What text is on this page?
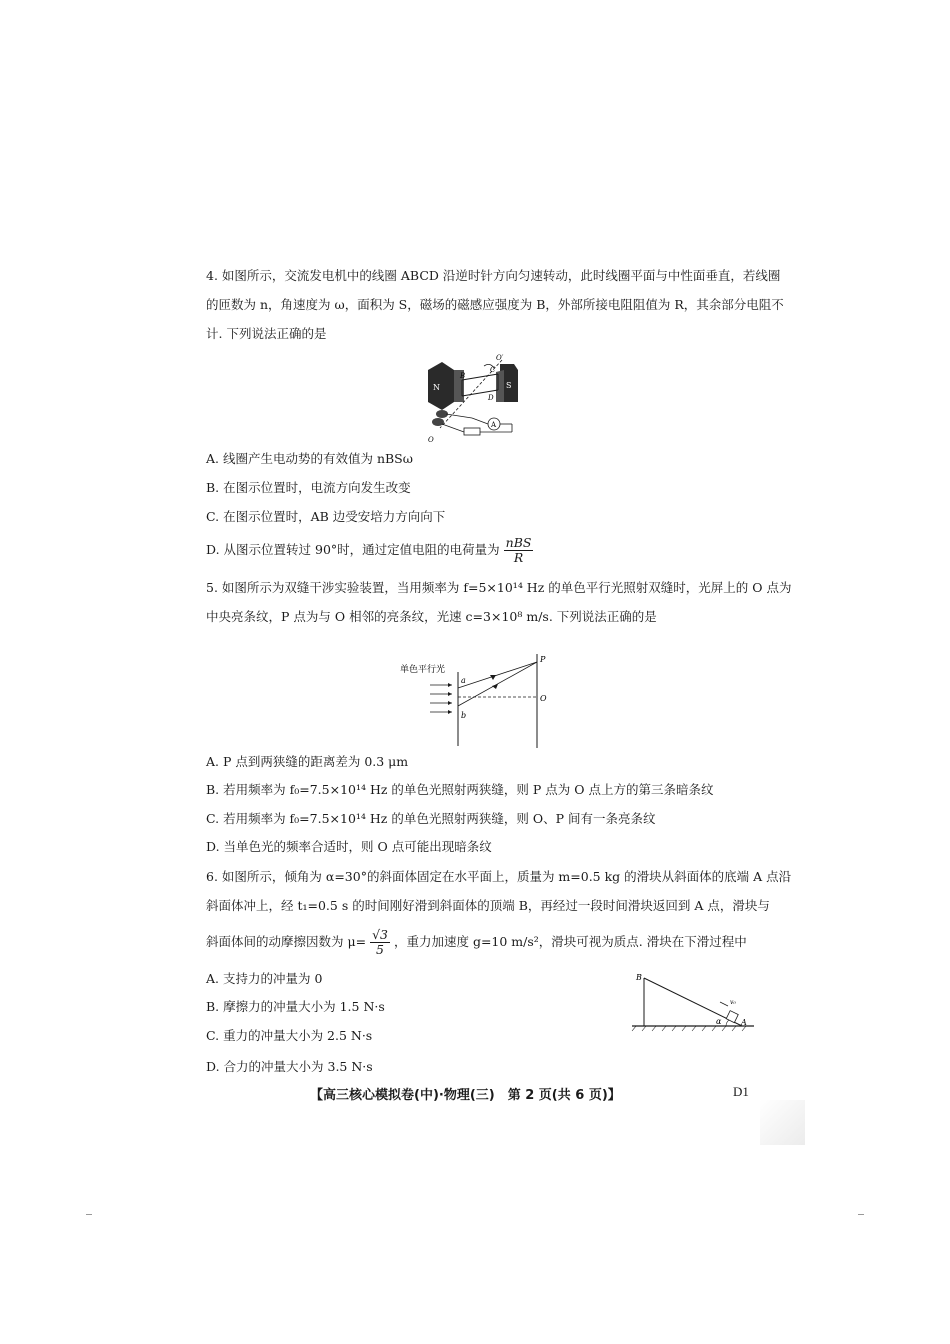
4. 如图所示，交流发电机中的线圈 ABCD 沿逆时针方向匀速转动，此时线圈平面与中性面垂直，若线圈
的匝数为 n，角速度为 ω，面积为 S，磁场的磁感应强度为 B，外部所接电阻阻值为 R，其余部分电阻不
计. 下列说法正确的是
N	S
B
C
D
O′
O
A
A. 线圈产生电动势的有效值为 nBSω
B. 在图示位置时，电流方向发生改变
C. 在图示位置时，AB 边受安培力方向向下
D. 从图示位置转过 90°时，通过定值电阻的电荷量为 $\frac{\text{nBS}}{R}$
5. 如图所示为双缝干涉实验装置，当用频率为 f=5×10¹⁴ Hz 的单色平行光照射双缝时，光屏上的 O 点为
中央亮条纹，P 点为与 O 相邻的亮条纹，光速 c=3×10⁸ m/s. 下列说法正确的是
单色平行光
P
O
a
b
A. P 点到两狭缝的距离差为 0.3 μm
B. 若用频率为 f₀=7.5×10¹⁴ Hz 的单色光照射两狭缝，则 P 点为 O 点上方的第三条暗条纹
C. 若用频率为 f₀=7.5×10¹⁴ Hz 的单色光照射两狭缝，则 O、P 间有一条亮条纹
D. 当单色光的频率合适时，则 O 点可能出现暗条纹
6. 如图所示，倾角为 α=30°的斜面体固定在水平面上，质量为 m=0.5 kg 的滑块从斜面体的底端 A 点沿
斜面体冲上，经 t₁=0.5 s 的时间刚好滑到斜面体的顶端 B，再经过一段时间滑块返回到 A 点，滑块与
斜面体间的动摩擦因数为 $\mu= \frac{√3}{5}$ ，重力加速度 g=10 m/s²，滑块可视为质点. 滑块在下滑过程中
A. 支持力的冲量为 0
B. 摩擦力的冲量大小为 1.5 N·s
C. 重力的冲量大小为 2.5 N·s
D. 合力的冲量大小为 3.5 N·s
B
A
α
v₀
【高三核心模拟卷(中)·物理(三)　第 2 页(共 6 页)】	D1
